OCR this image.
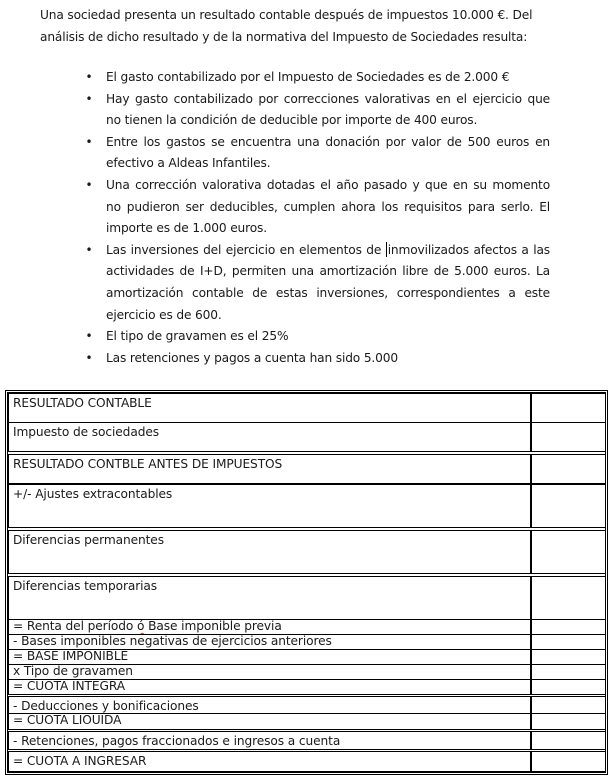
Una sociedad presenta un resultado contable después de impuestos 10.000 €. Del

análisis de dicho resultado y de la normativa del Impuesto de Sociedades resulta:

• El gasto contabilizado por el Impuesto de Sociedades es de 2.000 €
• Hay gasto contabilizado por correcciones valorativas en el ejercicio que no tienen la condición de deducible por importe de 400 euros.
• Entre los gastos se encuentra una donación por valor de 500 euros en efectivo a Aldeas Infantiles.
• Una corrección valorativa dotadas el año pasado y que en su momento no pudieron ser deducibles, cumplen ahora los requisitos para serlo. El importe es de 1.000 euros.
• Las inversiones del ejercicio en elementos de inmovilizados afectos a las actividades de I+D, permiten una amortización libre de 5.000 euros. La amortización contable de estas inversiones, correspondientes a este ejercicio es de 600.
• El tipo de gravamen es el 25%
• Las retenciones y pagos a cuenta han sido 5.000
RESULTADO CONTABLE
Impuesto de sociedades
RESULTADO CONTBLE ANTES DE IMPUESTOS
+/- Ajustes extracontables
Diferencias permanentes
Diferencias temporarias
= Renta del período ó Base imponible previa
- Bases imponibles negativas de ejercicios anteriores
= BASE IMPONIBLE
x Tipo de gravamen
= CUOTA ÍNTEGRA
- Deducciones y bonificaciones
= CUOTA LÍOUIDA
- Retenciones, pagos fraccionados e ingresos a cuenta
= CUOTA A INGRESAR
